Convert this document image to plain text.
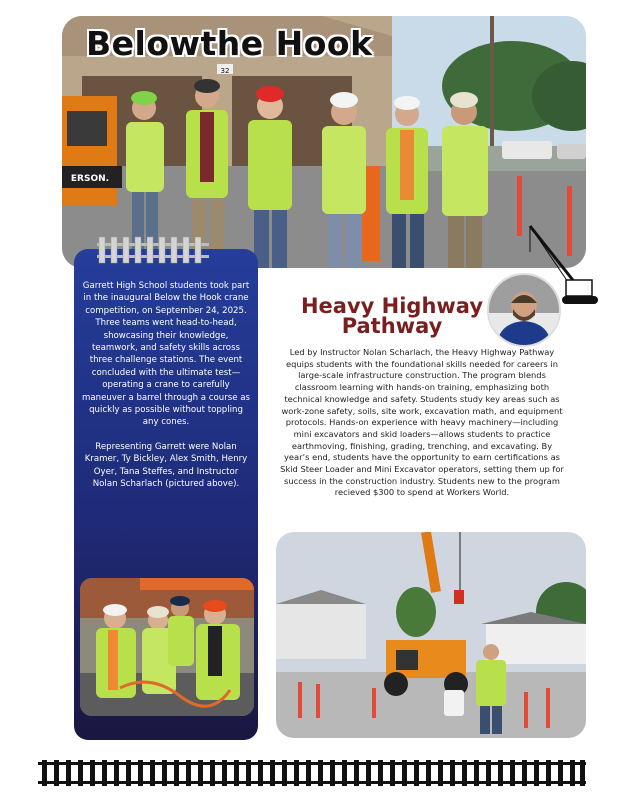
32
ERSON.
Belowthe Hook

Garrett High School students took part in the inaugural Below the Hook crane competition, on September 24, 2025. Three teams went head-to-head, showcasing their knowledge, teamwork, and safety skills across three challenge stations. The event concluded with the ultimate test—operating a crane to carefully maneuver a barrel through a course as quickly as possible without toppling any cones.

Representing Garrett were Nolan Kramer, Ty Bickley, Alex Smith, Henry Oyer, Tana Steffes, and Instructor Nolan Scharlach (pictured above).

Heavy Highway Pathway
Led by Instructor Nolan Scharlach, the Heavy Highway Pathway equips students with the foundational skills needed for careers in large-scale infrastructure construction. The program blends classroom learning with hands-on training, emphasizing both technical knowledge and safety. Students study key areas such as work-zone safety, soils, site work, excavation math, and equipment protocols. Hands-on experience with heavy machinery—including mini excavators and skid loaders—allows students to practice earthmoving, finishing, grading, trenching, and excavating. By year’s end, students have the opportunity to earn certifications as Skid Steer Loader and Mini Excavator operators, setting them up for success in the construction industry. Students new to the program recieved $300 to spend at Workers World.
